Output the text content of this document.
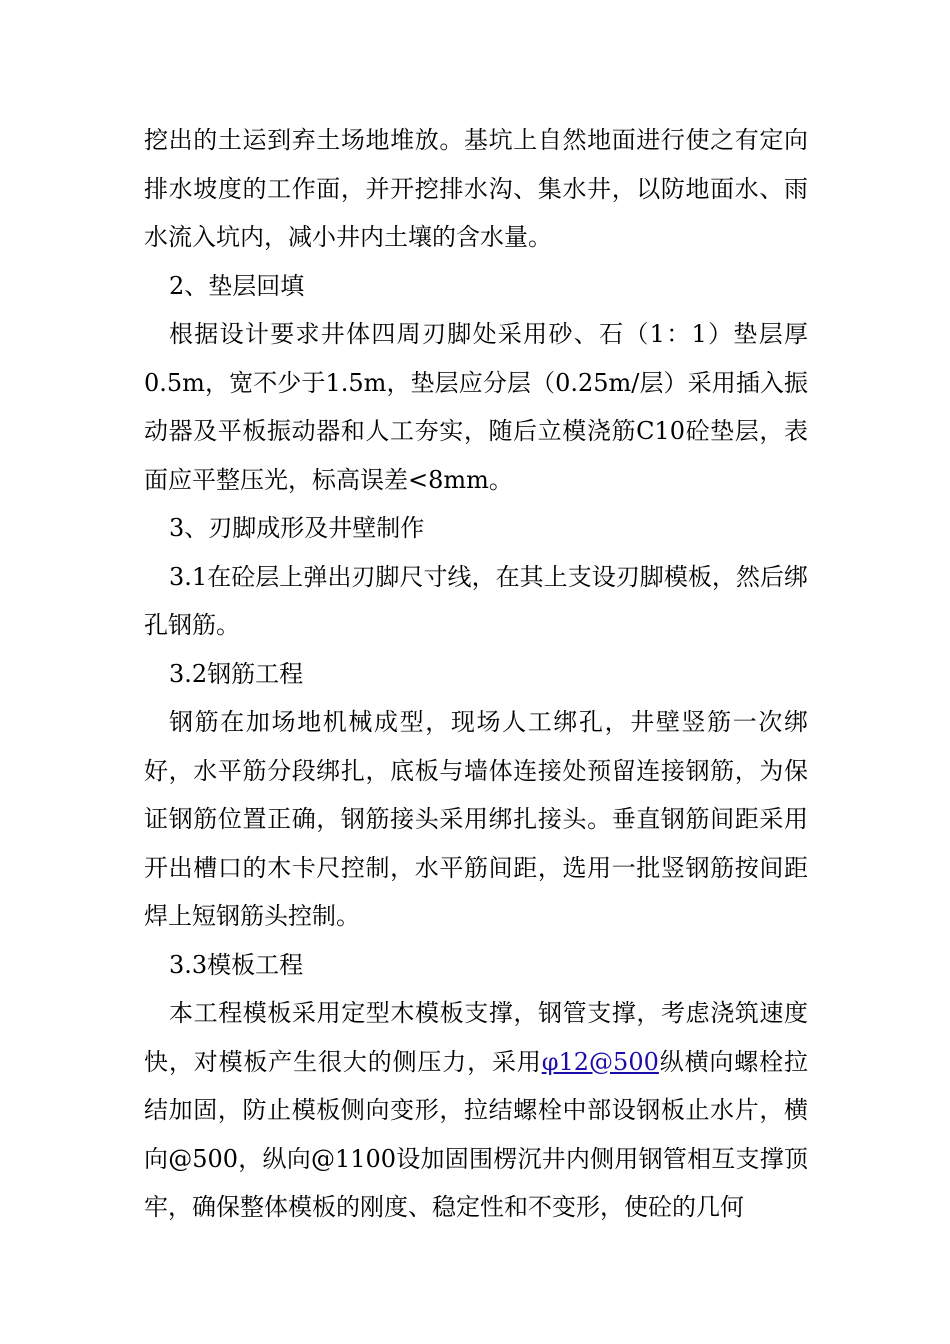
挖出的土运到弃土场地堆放。基坑上自然地面进行使之有定向排水坡度的工作面，并开挖排水沟、集水井，以防地面水、雨水流入坑内，减小井内土壤的含水量。

2、垫层回填

根据设计要求井体四周刃脚处采用砂、石（1：1）垫层厚0.5m，宽不少于1.5m，垫层应分层（0.25m/层）采用插入振动器及平板振动器和人工夯实，随后立模浇筋C10砼垫层，表面应平整压光，标高误差<8mm。

3、刃脚成形及井壁制作

3.1在砼层上弹出刃脚尺寸线，在其上支设刃脚模板，然后绑孔钢筋。

3.2钢筋工程

钢筋在加场地机械成型，现场人工绑孔，井壁竖筋一次绑好，水平筋分段绑扎，底板与墙体连接处预留连接钢筋，为保证钢筋位置正确，钢筋接头采用绑扎接头。垂直钢筋间距采用开出槽口的木卡尺控制，水平筋间距，选用一批竖钢筋按间距焊上短钢筋头控制。

3.3模板工程

本工程模板采用定型木模板支撑，钢管支撑，考虑浇筑速度快，对模板产生很大的侧压力，采用φ12@500纵横向螺栓拉结加固，防止模板侧向变形，拉结螺栓中部设钢板止水片，横向@500，纵向@1100设加固围楞沉井内侧用钢管相互支撑顶牢，确保整体模板的刚度、稳定性和不变形，使砼的几何
